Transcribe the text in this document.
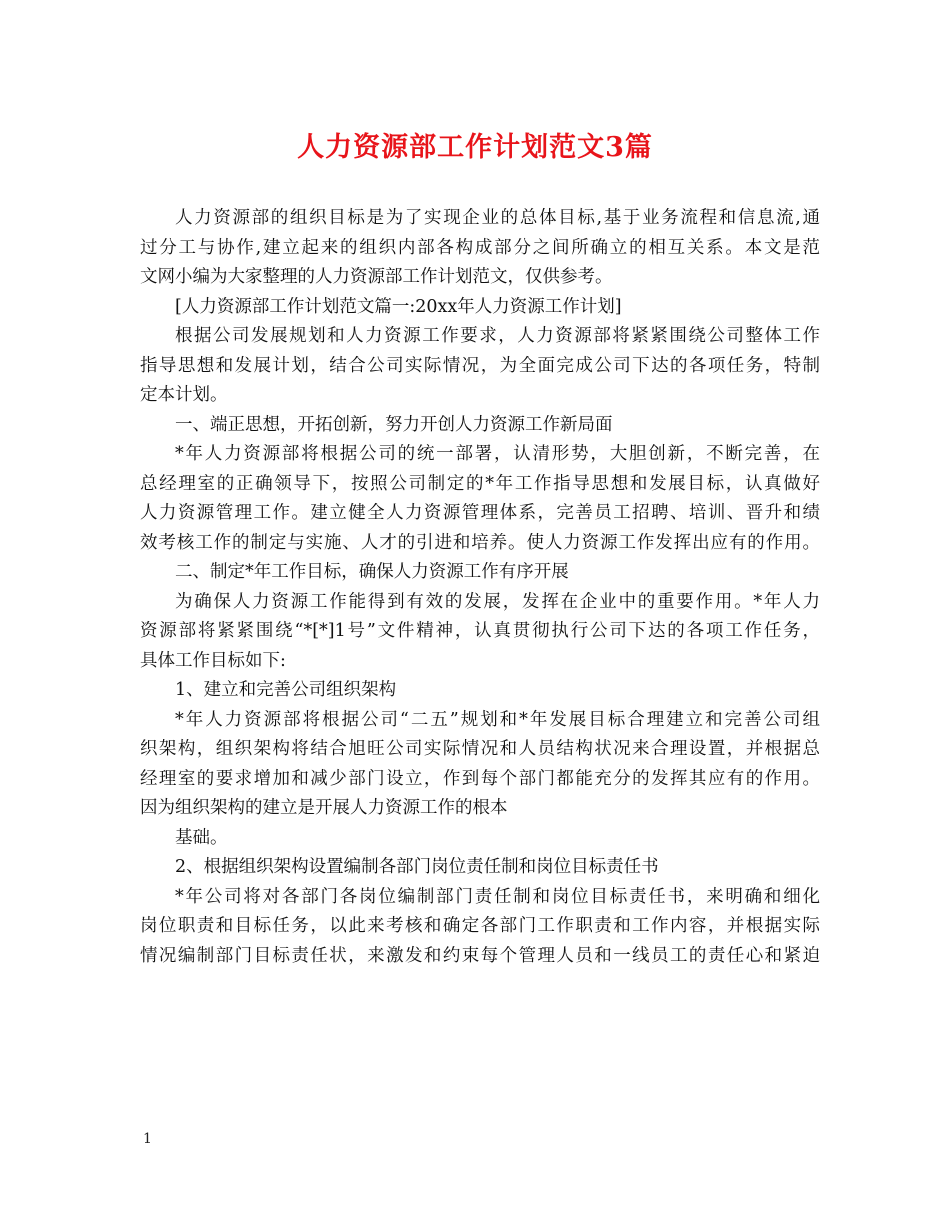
人力资源部工作计划范文3篇
人力资源部的组织目标是为了实现企业的总体目标,基于业务流程和信息流,通
过分工与协作,建立起来的组织内部各构成部分之间所确立的相互关系。本文是范
文网小编为大家整理的人力资源部工作计划范文，仅供参考。
[人力资源部工作计划范文篇一:20xx年人力资源工作计划]
根据公司发展规划和人力资源工作要求，人力资源部将紧紧围绕公司整体工作
指导思想和发展计划，结合公司实际情况，为全面完成公司下达的各项任务，特制
定本计划。
一、端正思想，开拓创新，努力开创人力资源工作新局面
*年人力资源部将根据公司的统一部署，认清形势，大胆创新，不断完善，在
总经理室的正确领导下，按照公司制定的*年工作指导思想和发展目标，认真做好
人力资源管理工作。建立健全人力资源管理体系，完善员工招聘、培训、晋升和绩
效考核工作的制定与实施、人才的引进和培养。使人力资源工作发挥出应有的作用。
二、制定*年工作目标，确保人力资源工作有序开展
为确保人力资源工作能得到有效的发展，发挥在企业中的重要作用。*年人力
资源部将紧紧围绕“*[*]1号”文件精神，认真贯彻执行公司下达的各项工作任务，
具体工作目标如下:
1、建立和完善公司组织架构
*年人力资源部将根据公司“二五”规划和*年发展目标合理建立和完善公司组
织架构，组织架构将结合旭旺公司实际情况和人员结构状况来合理设置，并根据总
经理室的要求增加和减少部门设立，作到每个部门都能充分的发挥其应有的作用。
因为组织架构的建立是开展人力资源工作的根本
基础。
2、根据组织架构设置编制各部门岗位责任制和岗位目标责任书
*年公司将对各部门各岗位编制部门责任制和岗位目标责任书，来明确和细化
岗位职责和目标任务，以此来考核和确定各部门工作职责和工作内容，并根据实际
情况编制部门目标责任状，来激发和约束每个管理人员和一线员工的责任心和紧迫
1
